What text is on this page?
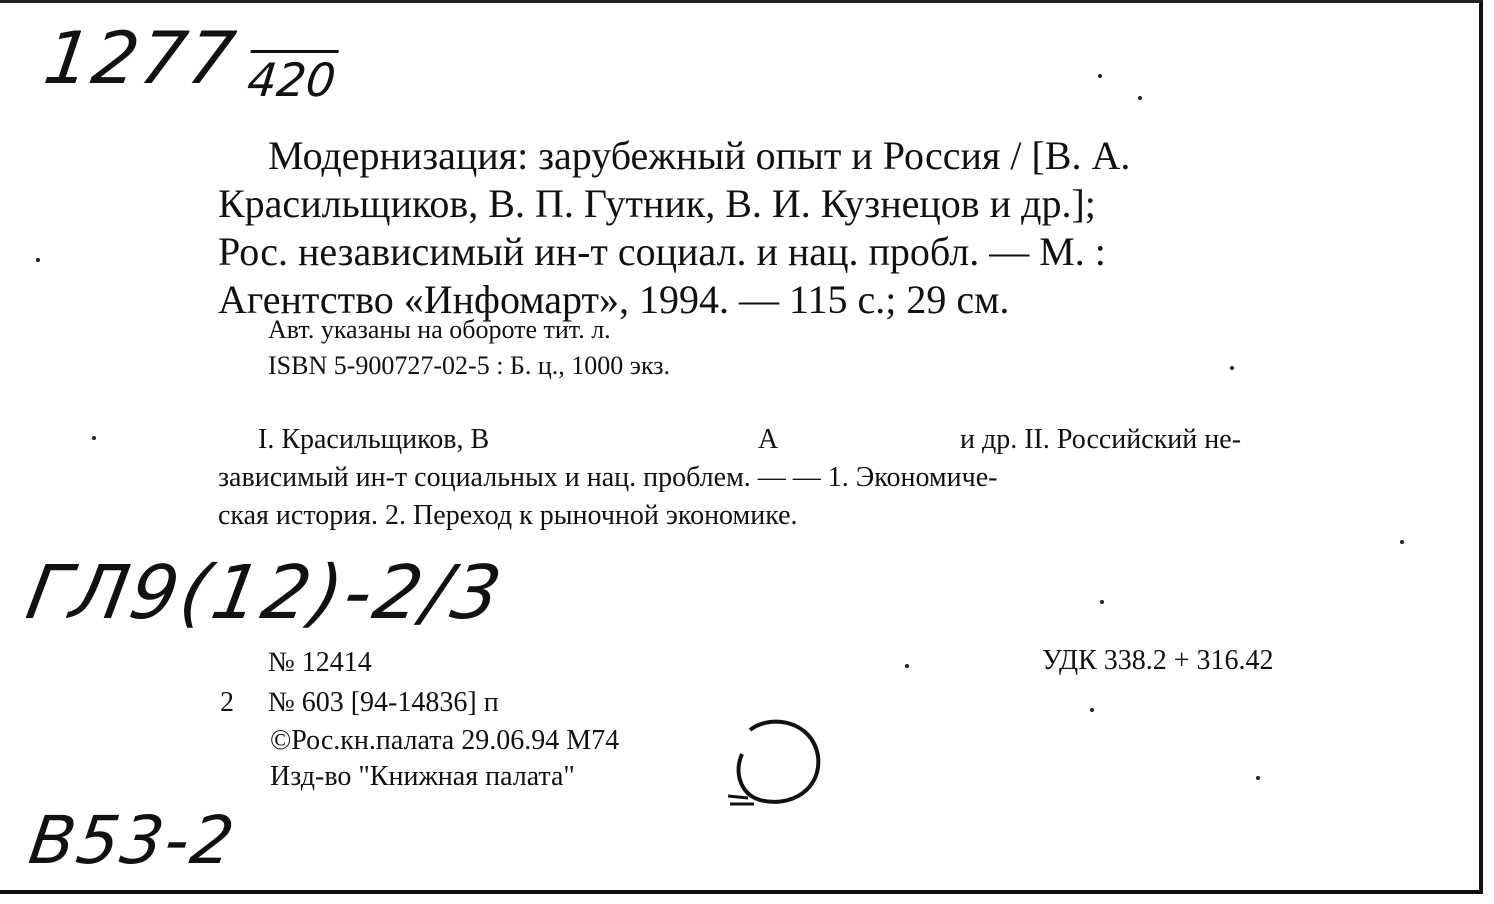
1277 420
ГЛ9(12)-2/3
В53-2
Модернизация: зарубежный опыт и Россия / [В. А.
Красильщиков, В. П. Гутник, В. И. Кузнецов и др.];
Рос. независимый ин-т социал. и нац. пробл. — М. :
Агентство «Инфомарт», 1994. — 115 с.; 29 см.
Авт. указаны на обороте тит. л.
ISBN 5-900727-02-5 : Б. ц., 1000 экз.
I. Красильщиков, В	А	и др. II. Российский не-
зависимый ин-т социальных и нац. проблем. — — 1. Экономиче-
ская история. 2. Переход к рыночной экономике.
№ 12414	УДК 338.2 + 316.42
2 № 603 [94-14836] п
©Рос.кн.палата 29.06.94 М74
Изд-во "Книжная палата"
